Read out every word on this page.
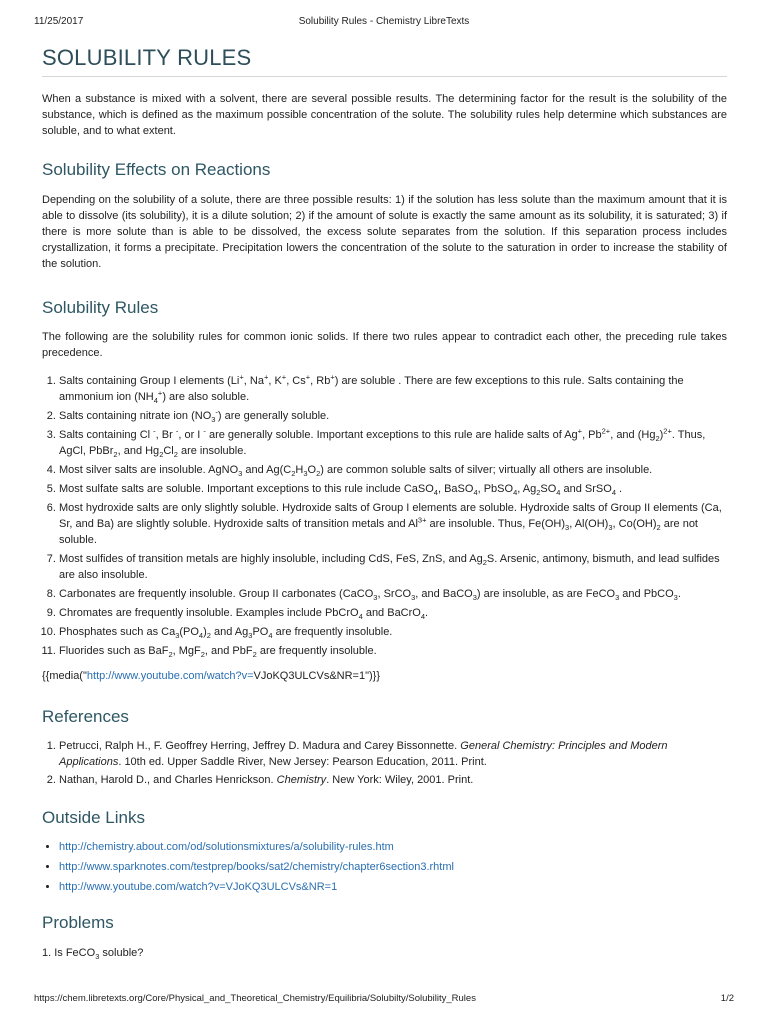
11/25/2017	Solubility Rules - Chemistry LibreTexts
SOLUBILITY RULES

When a substance is mixed with a solvent, there are several possible results. The determining factor for the result is the solubility of the substance, which is defined as the maximum possible concentration of the solute. The solubility rules help determine which substances are soluble, and to what extent.

Solubility Effects on Reactions

Depending on the solubility of a solute, there are three possible results: 1) if the solution has less solute than the maximum amount that it is able to dissolve (its solubility), it is a dilute solution; 2) if the amount of solute is exactly the same amount as its solubility, it is saturated; 3) if there is more solute than is able to be dissolved, the excess solute separates from the solution. If this separation process includes crystallization, it forms a precipitate. Precipitation lowers the concentration of the solute to the saturation in order to increase the stability of the solution.

Solubility Rules

The following are the solubility rules for common ionic solids. If there two rules appear to contradict each other, the preceding rule takes precedence.

1. Salts containing Group I elements (Li+, Na+, K+, Cs+, Rb+) are soluble . There are few exceptions to this rule. Salts containing the ammonium ion $(NH_4^+)$ are also soluble.
2. Salts containing nitrate ion $(NO_3^-)$ are generally soluble.
3. Salts containing Cl -, Br -, or I - are generally soluble. Important exceptions to this rule are halide salts of Ag+, $Pb^{2+}$, and $(Hg_2)^{2+}$. Thus, AgCl, PbBr$_2$, and $Hg_2Cl_2$ are insoluble.
4. Most silver salts are insoluble. AgNO$_3$ and $Ag(C_2H_3O_2)$ are common soluble salts of silver; virtually all others are insoluble.
5. Most sulfate salts are soluble. Important exceptions to this rule include CaSO$_4$, BaSO$_4$, PbSO$_4$, $Ag_2SO_4$ and SrSO$_4$ .
6. Most hydroxide salts are only slightly soluble. Hydroxide salts of Group I elements are soluble. Hydroxide salts of Group II elements (Ca, Sr, and Ba) are slightly soluble. Hydroxide salts of transition metals and $Al^{3+}$ are insoluble. Thus, $Fe(OH)_3$, $Al(OH)_3$, $Co(OH)_2$ are not soluble.
7. Most sulfides of transition metals are highly insoluble, including CdS, FeS, ZnS, and $Ag_2S$. Arsenic, antimony, bismuth, and lead sulfides are also insoluble.
8. Carbonates are frequently insoluble. Group II carbonates (CaCO$_3$, SrCO$_3$, and BaCO$_3$) are insoluble, as are FeCO$_3$ and PbCO$_3$.
9. Chromates are frequently insoluble. Examples include PbCrO$_4$ and BaCrO$_4$.
10. Phosphates such as $Ca_3(PO_4)_2$ and $Ag_3PO_4$ are frequently insoluble.
11. Fluorides such as BaF$_2$, MgF$_2$, and PbF$_2$ are frequently insoluble.

{{media("http://www.youtube.com/watch?v=VJoKQ3ULCVs&NR=1")}}

References
1. Petrucci, Ralph H., F. Geoffrey Herring, Jeffrey D. Madura and Carey Bissonnette. General Chemistry: Principles and Modern Applications. 10th ed. Upper Saddle River, New Jersey: Pearson Education, 2011. Print.
2. Nathan, Harold D., and Charles Henrickson. Chemistry. New York: Wiley, 2001. Print.
Outside Links
• http://chemistry.about.com/od/solutionsmixtures/a/solubility-rules.htm
• http://www.sparknotes.com/testprep/books/sat2/chemistry/chapter6section3.rhtml
• http://www.youtube.com/watch?v=VJoKQ3ULCVs&NR=1
Problems
1. Is FeCO$_3$ soluble?
https://chem.libretexts.org/Core/Physical_and_Theoretical_Chemistry/Equilibria/Solubilty/Solubility_Rules	1/2
